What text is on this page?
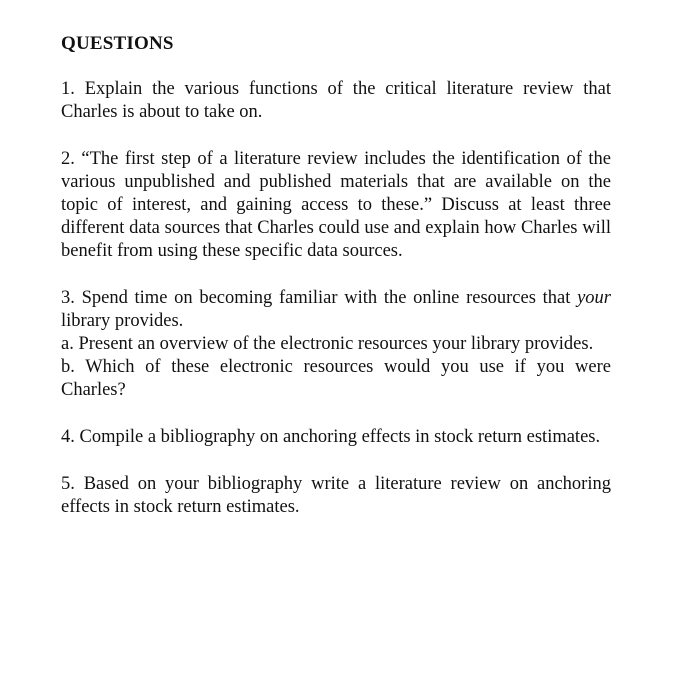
QUESTIONS

1. Explain the various functions of the critical literature review that Charles is about to take on.

2. “The first step of a literature review includes the identification of the various unpublished and published materials that are available on the topic of interest, and gaining access to these.” Discuss at least three different data sources that Charles could use and explain how Charles will benefit from using these specific data sources.

3. Spend time on becoming familiar with the online resources that your library provides.

a. Present an overview of the electronic resources your library provides.

b. Which of these electronic resources would you use if you were Charles?

4. Compile a bibliography on anchoring effects in stock return estimates.

5. Based on your bibliography write a literature review on anchoring effects in stock return estimates.
